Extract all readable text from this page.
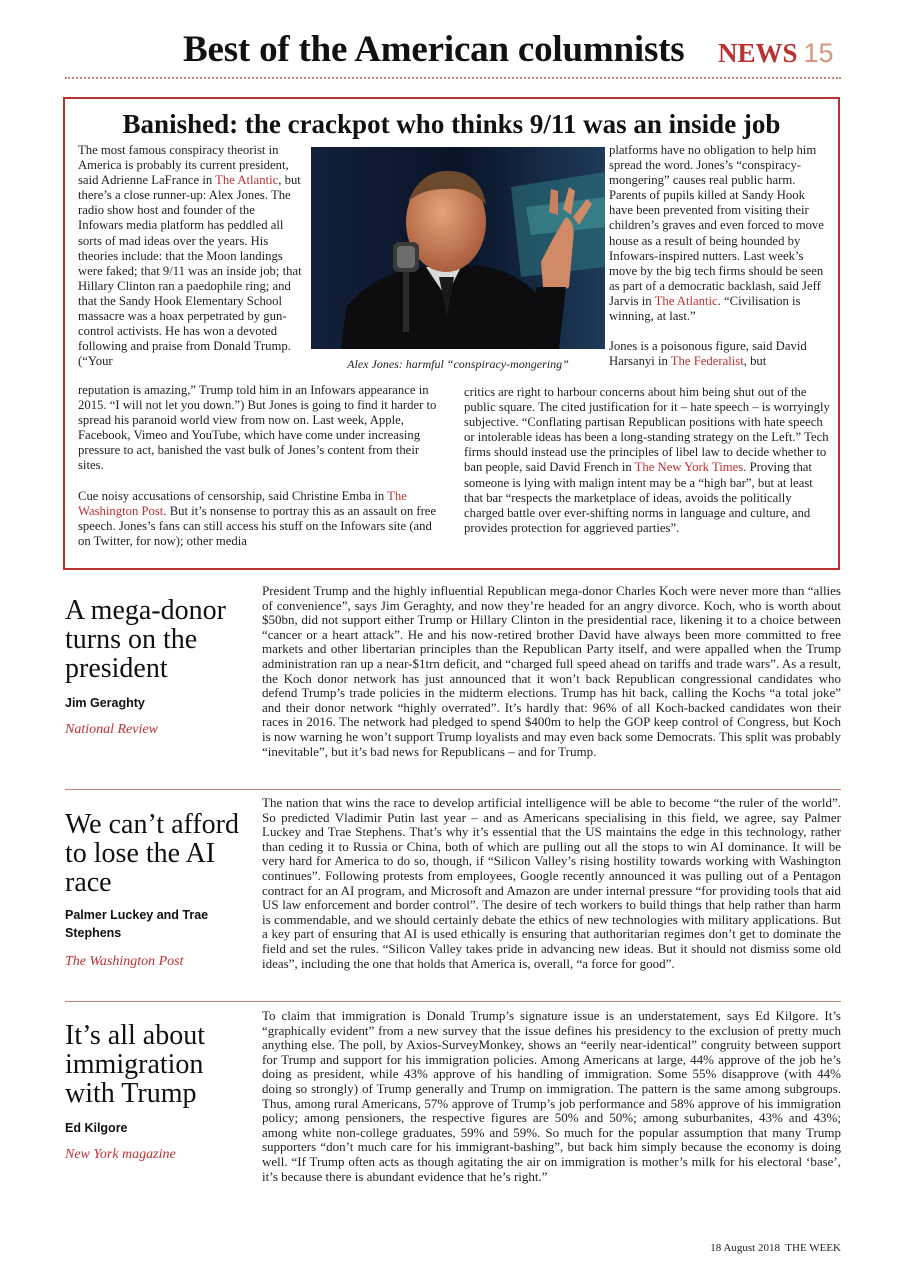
Best of the American columnists NEWS 15
Banished: the crackpot who thinks 9/11 was an inside job

The most famous conspiracy theorist in America is probably its current president, said Adrienne LaFrance in The Atlantic, but there’s a close runner-up: Alex Jones. The radio show host and founder of the Infowars media platform has peddled all sorts of mad ideas over the years. His theories include: that the Moon landings were faked; that 9/11 was an inside job; that Hillary Clinton ran a paedophile ring; and that the Sandy Hook Elementary School massacre was a hoax perpetrated by gun-control activists. He has won a devoted following and praise from Donald Trump. (“Your	Alex Jones: harmful “conspiracy-mongering”

reputation is amazing,” Trump told him in an Infowars appearance in 2015. “I will not let you down.”) But Jones is going to find it harder to spread his paranoid world view from now on. Last week, Apple, Facebook, Vimeo and YouTube, which have come under increasing pressure to act, banished the vast bulk of Jones’s content from their sites.

Cue noisy accusations of censorship, said Christine Emba in The Washington Post. But it’s nonsense to portray this as an assault on free speech. Jones’s fans can still access his stuff on the Infowars site (and on Twitter, for now); other media

platforms have no obligation to help him spread the word. Jones’s “conspiracy-mongering” causes real public harm. Parents of pupils killed at Sandy Hook have been prevented from visiting their children’s graves and even forced to move house as a result of being hounded by Infowars-inspired nutters. Last week’s move by the big tech firms should be seen as part of a democratic backlash, said Jeff Jarvis in The Atlantic. “Civilisation is winning, at last.”

Jones is a poisonous figure, said David Harsanyi in The Federalist, but

critics are right to harbour concerns about him being shut out of the public square. The cited justification for it – hate speech – is worryingly subjective. “Conflating partisan Republican positions with hate speech or intolerable ideas has been a long-standing strategy on the Left.” Tech firms should instead use the principles of libel law to decide whether to ban people, said David French in The New York Times. Proving that someone is lying with malign intent may be a “high bar”, but at least that bar “respects the marketplace of ideas, avoids the politically charged battle over ever-shifting norms in language and culture, and provides protection for aggrieved parties”.

A mega-donor turns on the president
Jim Geraghty
National Review

President Trump and the highly influential Republican mega-donor Charles Koch were never more than “allies of convenience”, says Jim Geraghty, and now they’re headed for an angry divorce. Koch, who is worth about $50bn, did not support either Trump or Hillary Clinton in the presidential race, likening it to a choice between “cancer or a heart attack”. He and his now-retired brother David have always been more committed to free markets and other libertarian principles than the Republican Party itself, and were appalled when the Trump administration ran up a near-$1trn deficit, and “charged full speed ahead on tariffs and trade wars”. As a result, the Koch donor network has just announced that it won’t back Republican congressional candidates who defend Trump’s trade policies in the midterm elections. Trump has hit back, calling the Kochs “a total joke” and their donor network “highly overrated”. It’s hardly that: 96% of all Koch-backed candidates won their races in 2016. The network had pledged to spend $400m to help the GOP keep control of Congress, but Koch is now warning he won’t support Trump loyalists and may even back some Democrats. This split was probably “inevitable”, but it’s bad news for Republicans – and for Trump.

We can’t afford to lose the AI race
Palmer Luckey and Trae Stephens
The Washington Post

The nation that wins the race to develop artificial intelligence will be able to become “the ruler of the world”. So predicted Vladimir Putin last year – and as Americans specialising in this field, we agree, say Palmer Luckey and Trae Stephens. That’s why it’s essential that the US maintains the edge in this technology, rather than ceding it to Russia or China, both of which are pulling out all the stops to win AI dominance. It will be very hard for America to do so, though, if “Silicon Valley’s rising hostility towards working with Washington continues”. Following protests from employees, Google recently announced it was pulling out of a Pentagon contract for an AI program, and Microsoft and Amazon are under internal pressure “for providing tools that aid US law enforcement and border control”. The desire of tech workers to build things that help rather than harm is commendable, and we should certainly debate the ethics of new technologies with military applications. But a key part of ensuring that AI is used ethically is ensuring that authoritarian regimes don’t get to dominate the field and set the rules. “Silicon Valley takes pride in advancing new ideas. But it should not dismiss some old ideas”, including the one that holds that America is, overall, “a force for good”.

It’s all about immigration with Trump
Ed Kilgore
New York magazine

To claim that immigration is Donald Trump’s signature issue is an understatement, says Ed Kilgore. It’s “graphically evident” from a new survey that the issue defines his presidency to the exclusion of pretty much anything else. The poll, by Axios-SurveyMonkey, shows an “eerily near-identical” congruity between support for Trump and support for his immigration policies. Among Americans at large, 44% approve of the job he’s doing as president, while 43% approve of his handling of immigration. Some 55% disapprove (with 44% doing so strongly) of Trump generally and Trump on immigration. The pattern is the same among subgroups. Thus, among rural Americans, 57% approve of Trump’s job performance and 58% approve of his immigration policy; among pensioners, the respective figures are 50% and 50%; among suburbanites, 43% and 43%; among white non-college graduates, 59% and 59%. So much for the popular assumption that many Trump supporters “don’t much care for his immigrant-bashing”, but back him simply because the economy is doing well. “If Trump often acts as though agitating the air on immigration is mother’s milk for his electoral ‘base’, it’s because there is abundant evidence that he’s right.”

18 August 2018 THE WEEK
